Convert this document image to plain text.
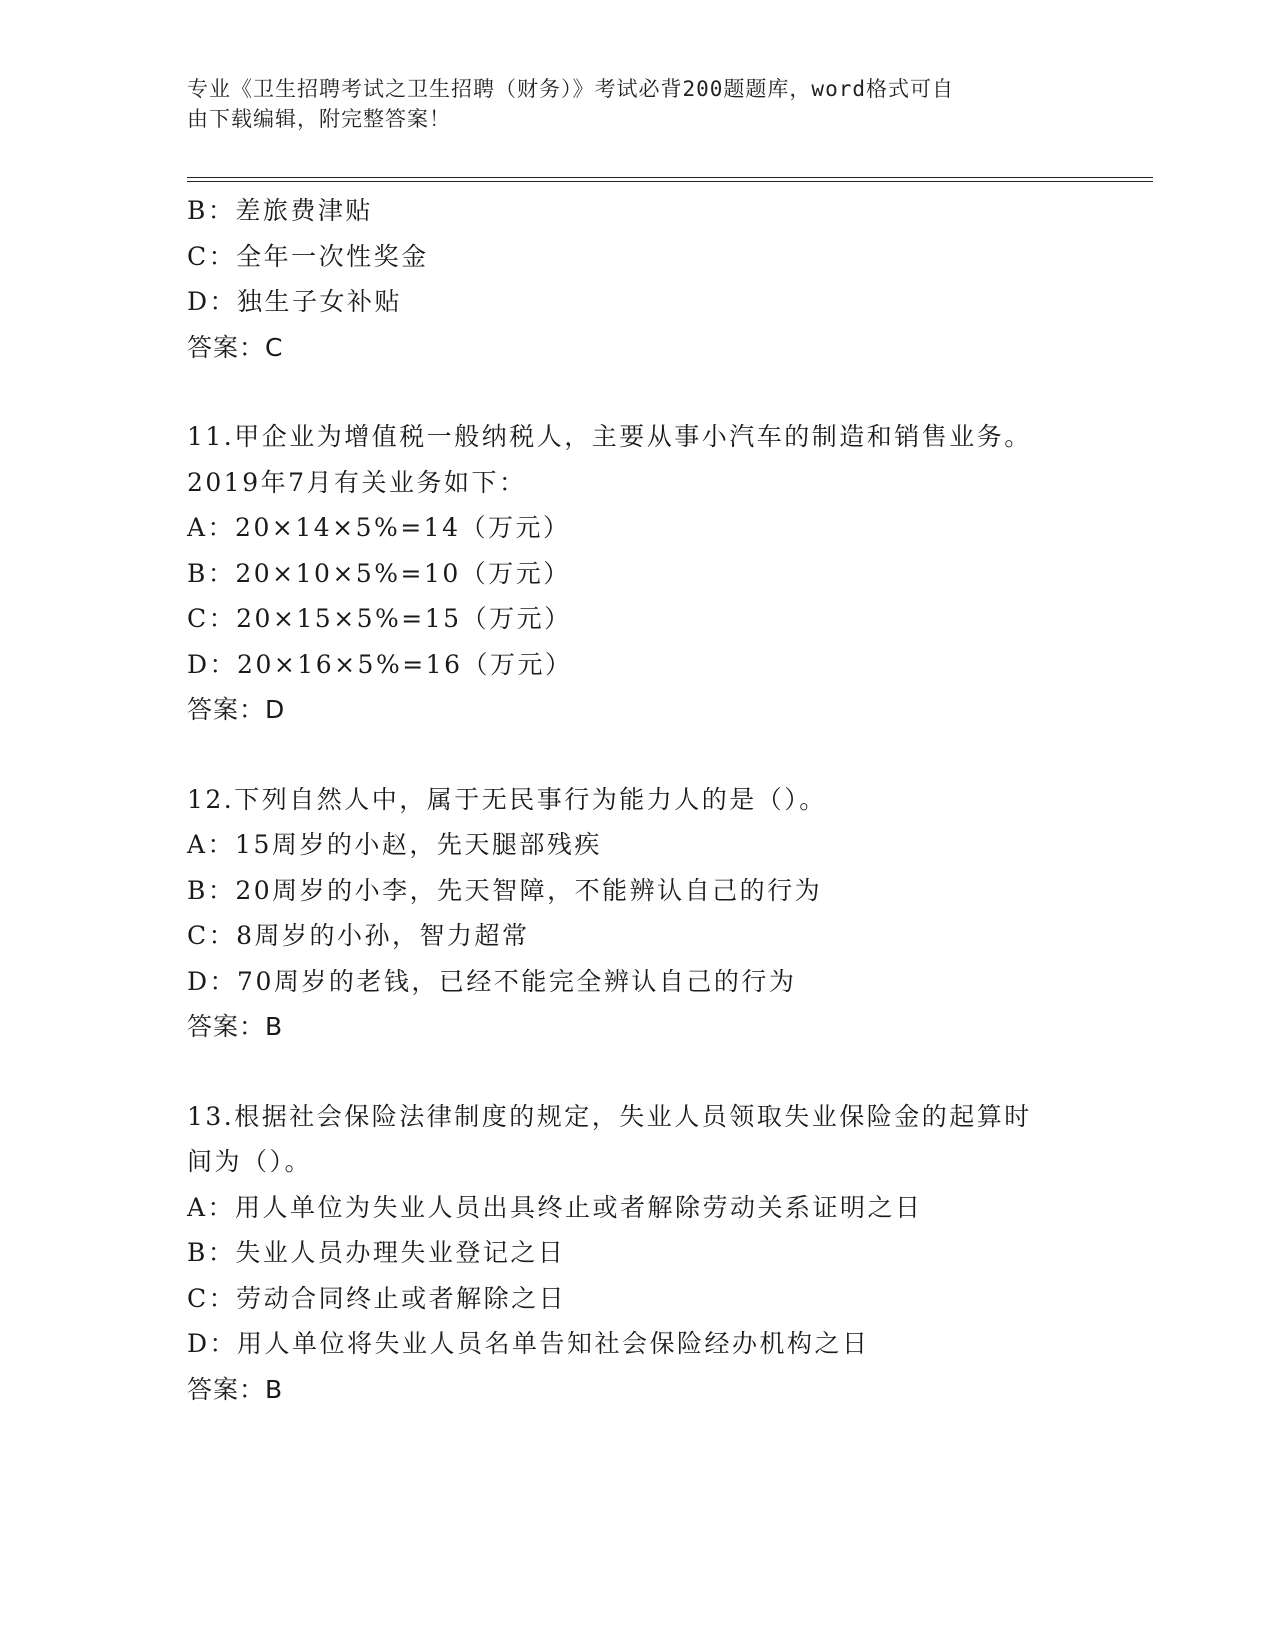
专业《卫生招聘考试之卫生招聘（财务）》考试必背200题题库，word格式可自
由下载编辑，附完整答案！
B：差旅费津贴
C：全年一次性奖金
D：独生子女补贴
答案：C
11.甲企业为增值税一般纳税人，主要从事小汽车的制造和销售业务。
2019年7月有关业务如下：
A：20×14×5%=14（万元）
B：20×10×5%=10（万元）
C：20×15×5%=15（万元）
D：20×16×5%=16（万元）
答案：D
12.下列自然人中，属于无民事行为能力人的是（）。
A：15周岁的小赵，先天腿部残疾
B：20周岁的小李，先天智障，不能辨认自己的行为
C：8周岁的小孙，智力超常
D：70周岁的老钱，已经不能完全辨认自己的行为
答案：B
13.根据社会保险法律制度的规定，失业人员领取失业保险金的起算时
间为（）。
A：用人单位为失业人员出具终止或者解除劳动关系证明之日
B：失业人员办理失业登记之日
C：劳动合同终止或者解除之日
D：用人单位将失业人员名单告知社会保险经办机构之日
答案：B
